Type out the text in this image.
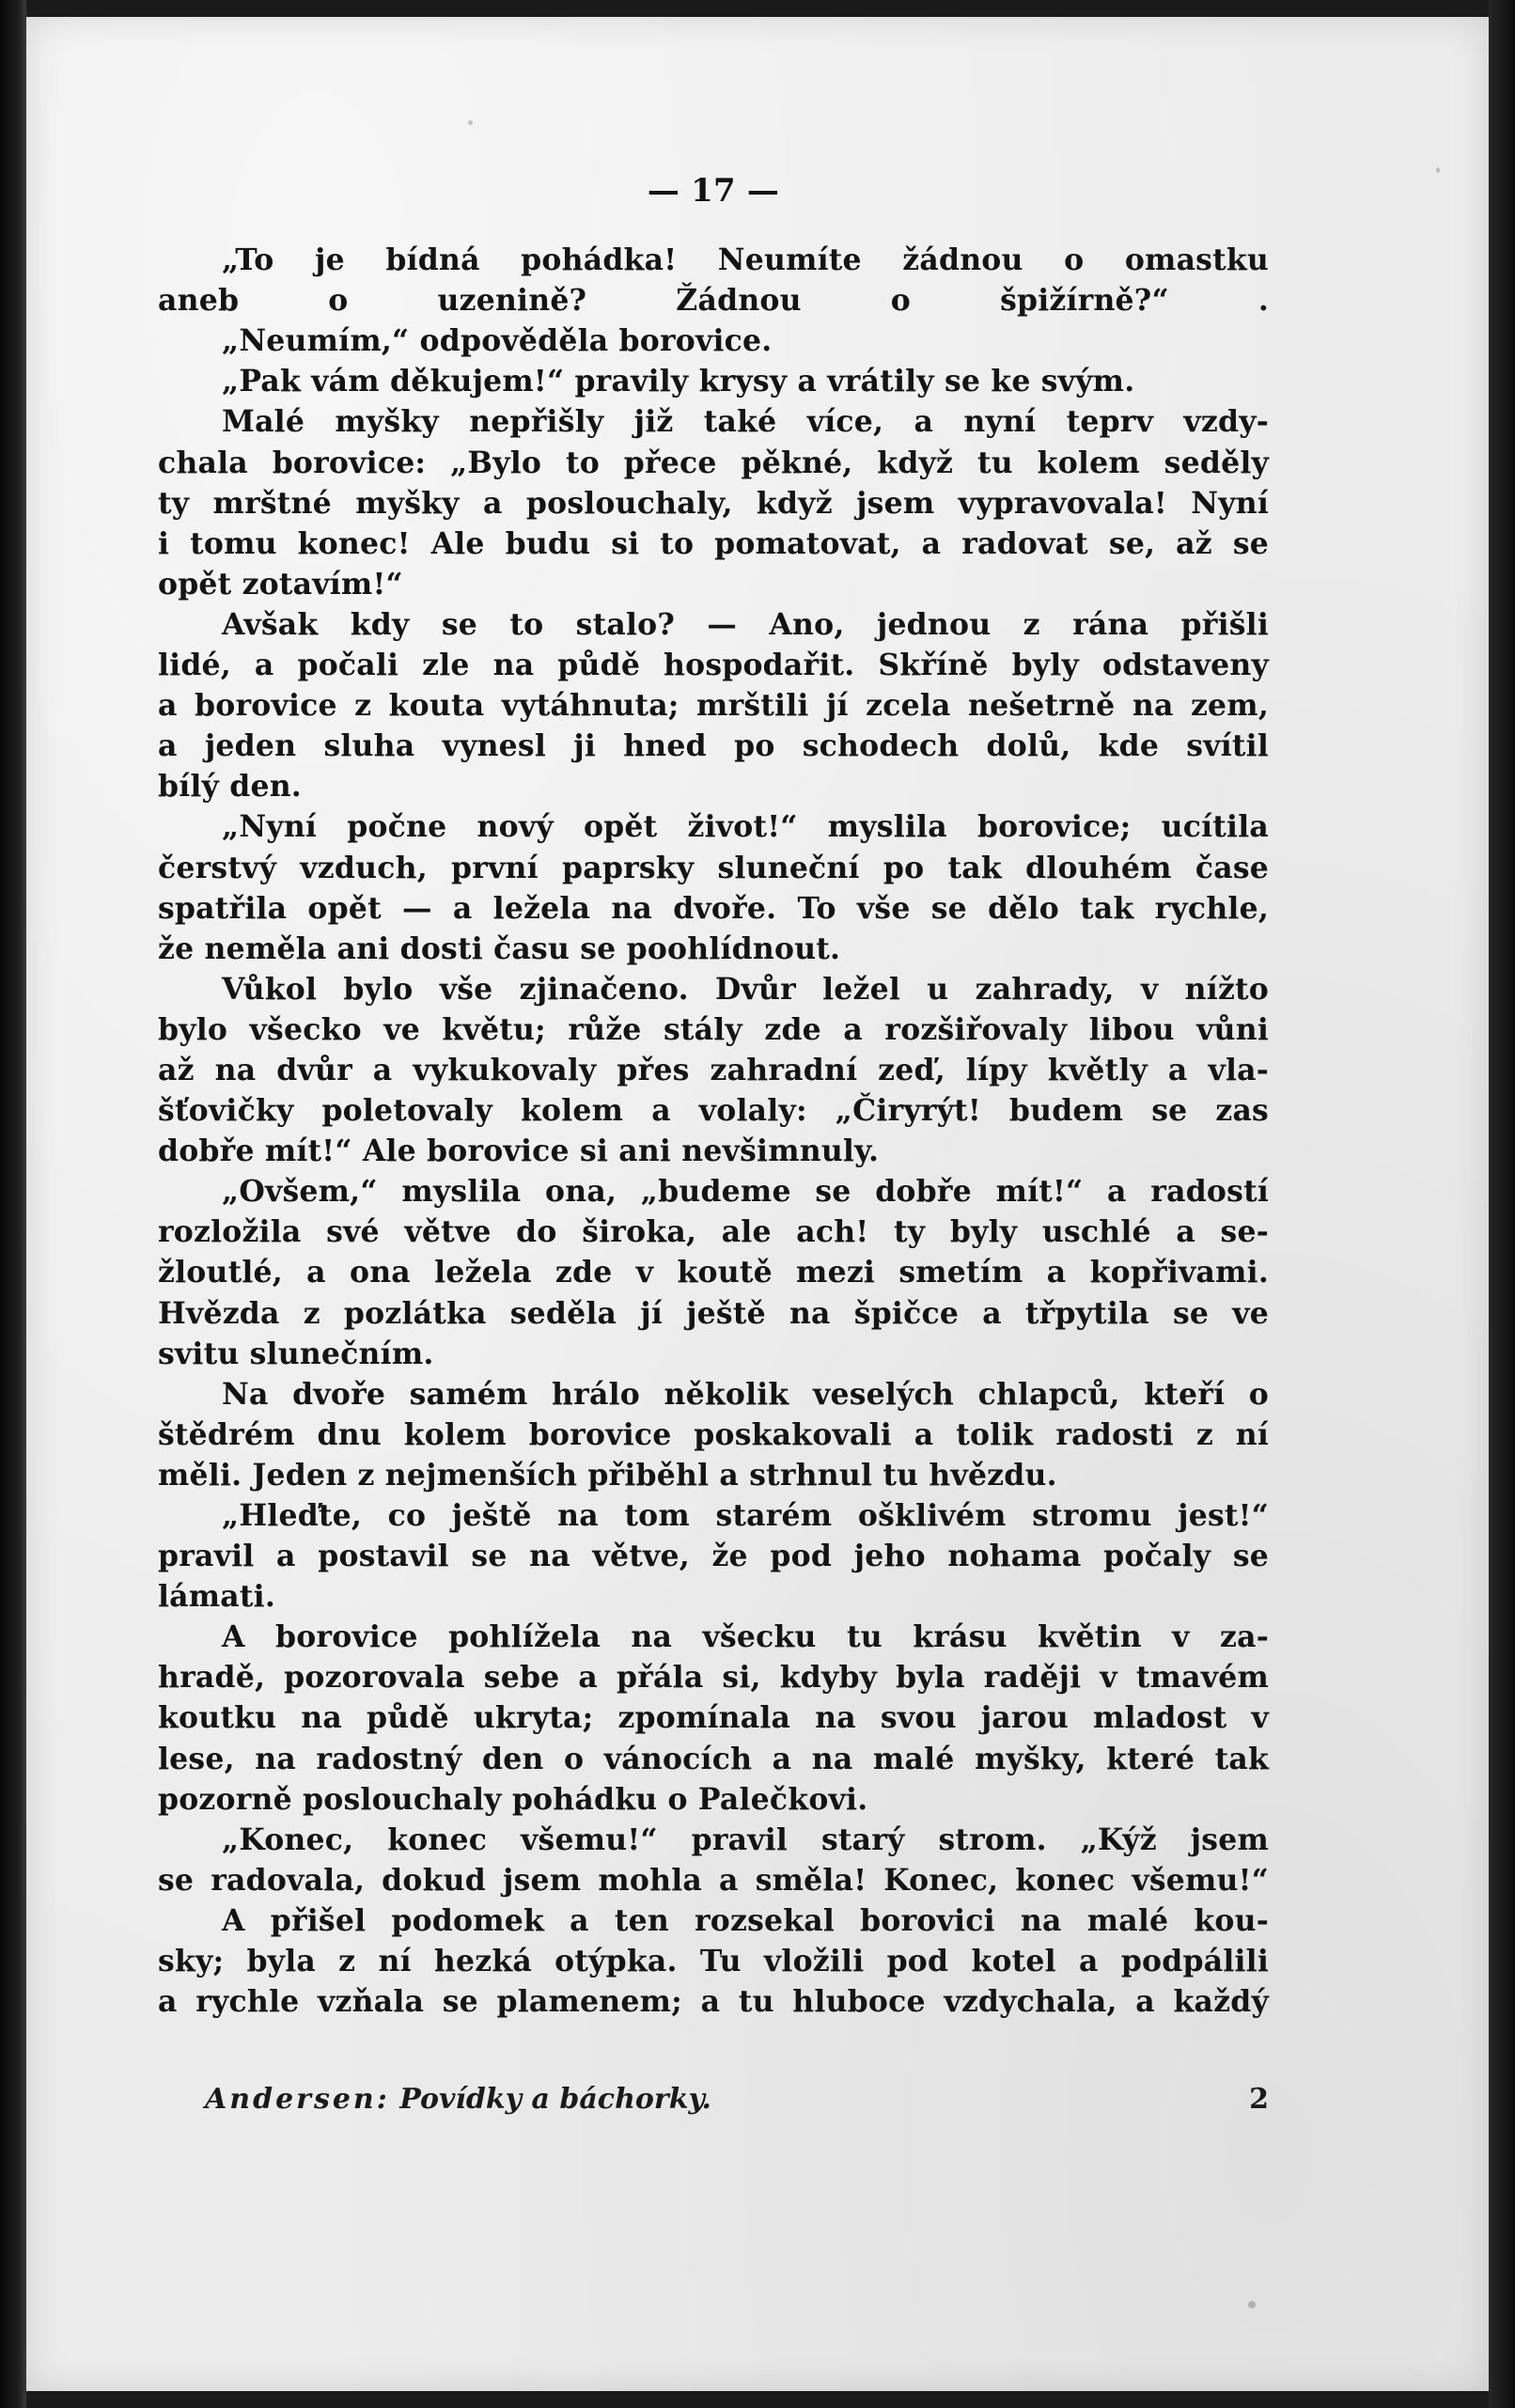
— 17 —
„To je bídná pohádka! Neumíte žádnou o omastku
aneb o uzenině? Žádnou o špižírně?“ .
„Neumím,“ odpověděla borovice.
„Pak vám děkujem!“ pravily krysy a vrátily se ke svým.
Malé myšky nepřišly již také více, a nyní teprv vzdy-
chala borovice: „Bylo to přece pěkné, když tu kolem seděly
ty mrštné myšky a poslouchaly, když jsem vypravovala! Nyní
i tomu konec! Ale budu si to pomatovat, a radovat se, až se
opět zotavím!“
Avšak kdy se to stalo? — Ano, jednou z rána přišli
lidé, a počali zle na půdě hospodařit. Skříně byly odstaveny
a borovice z kouta vytáhnuta; mrštili jí zcela nešetrně na zem,
a jeden sluha vynesl ji hned po schodech dolů, kde svítil
bílý den.
„Nyní počne nový opět život!“ myslila borovice; ucítila
čerstvý vzduch, první paprsky sluneční po tak dlouhém čase
spatřila opět — a ležela na dvoře. To vše se dělo tak rychle,
že neměla ani dosti času se poohlídnout.
Vůkol bylo vše zjinačeno. Dvůr ležel u zahrady, v nížto
bylo všecko ve květu; růže stály zde a rozšiřovaly libou vůni
až na dvůr a vykukovaly přes zahradní zeď, lípy květly a vla-
šťovičky poletovaly kolem a volaly: „Čiryrýt! budem se zas
dobře mít!“ Ale borovice si ani nevšimnuly.
„Ovšem,“ myslila ona, „budeme se dobře mít!“ a radostí
rozložila své větve do široka, ale ach! ty byly uschlé a se-
žloutlé, a ona ležela zde v koutě mezi smetím a kopřivami.
Hvězda z pozlátka seděla jí ještě na špičce a třpytila se ve
svitu slunečním.
Na dvoře samém hrálo několik veselých chlapců, kteří o
štědrém dnu kolem borovice poskakovali a tolik radosti z ní
měli. Jeden z nejmenších přiběhl a strhnul tu hvězdu.
„Hleďte, co ještě na tom starém ošklivém stromu jest!“
pravil a postavil se na větve, že pod jeho nohama počaly se
lámati.
A borovice pohlížela na všecku tu krásu květin v za-
hradě, pozorovala sebe a přála si, kdyby byla raději v tmavém
koutku na půdě ukryta; zpomínala na svou jarou mladost v
lese, na radostný den o vánocích a na malé myšky, které tak
pozorně poslouchaly pohádku o Palečkovi.
„Konec, konec všemu!“ pravil starý strom. „Kýž jsem
se radovala, dokud jsem mohla a směla! Konec, konec všemu!“
A přišel podomek a ten rozsekal borovici na malé kou-
sky; byla z ní hezká otýpka. Tu vložili pod kotel a podpálili
a rychle vzňala se plamenem; a tu hluboce vzdychala, a každý
Andersen: Povídky a báchorky.	2
